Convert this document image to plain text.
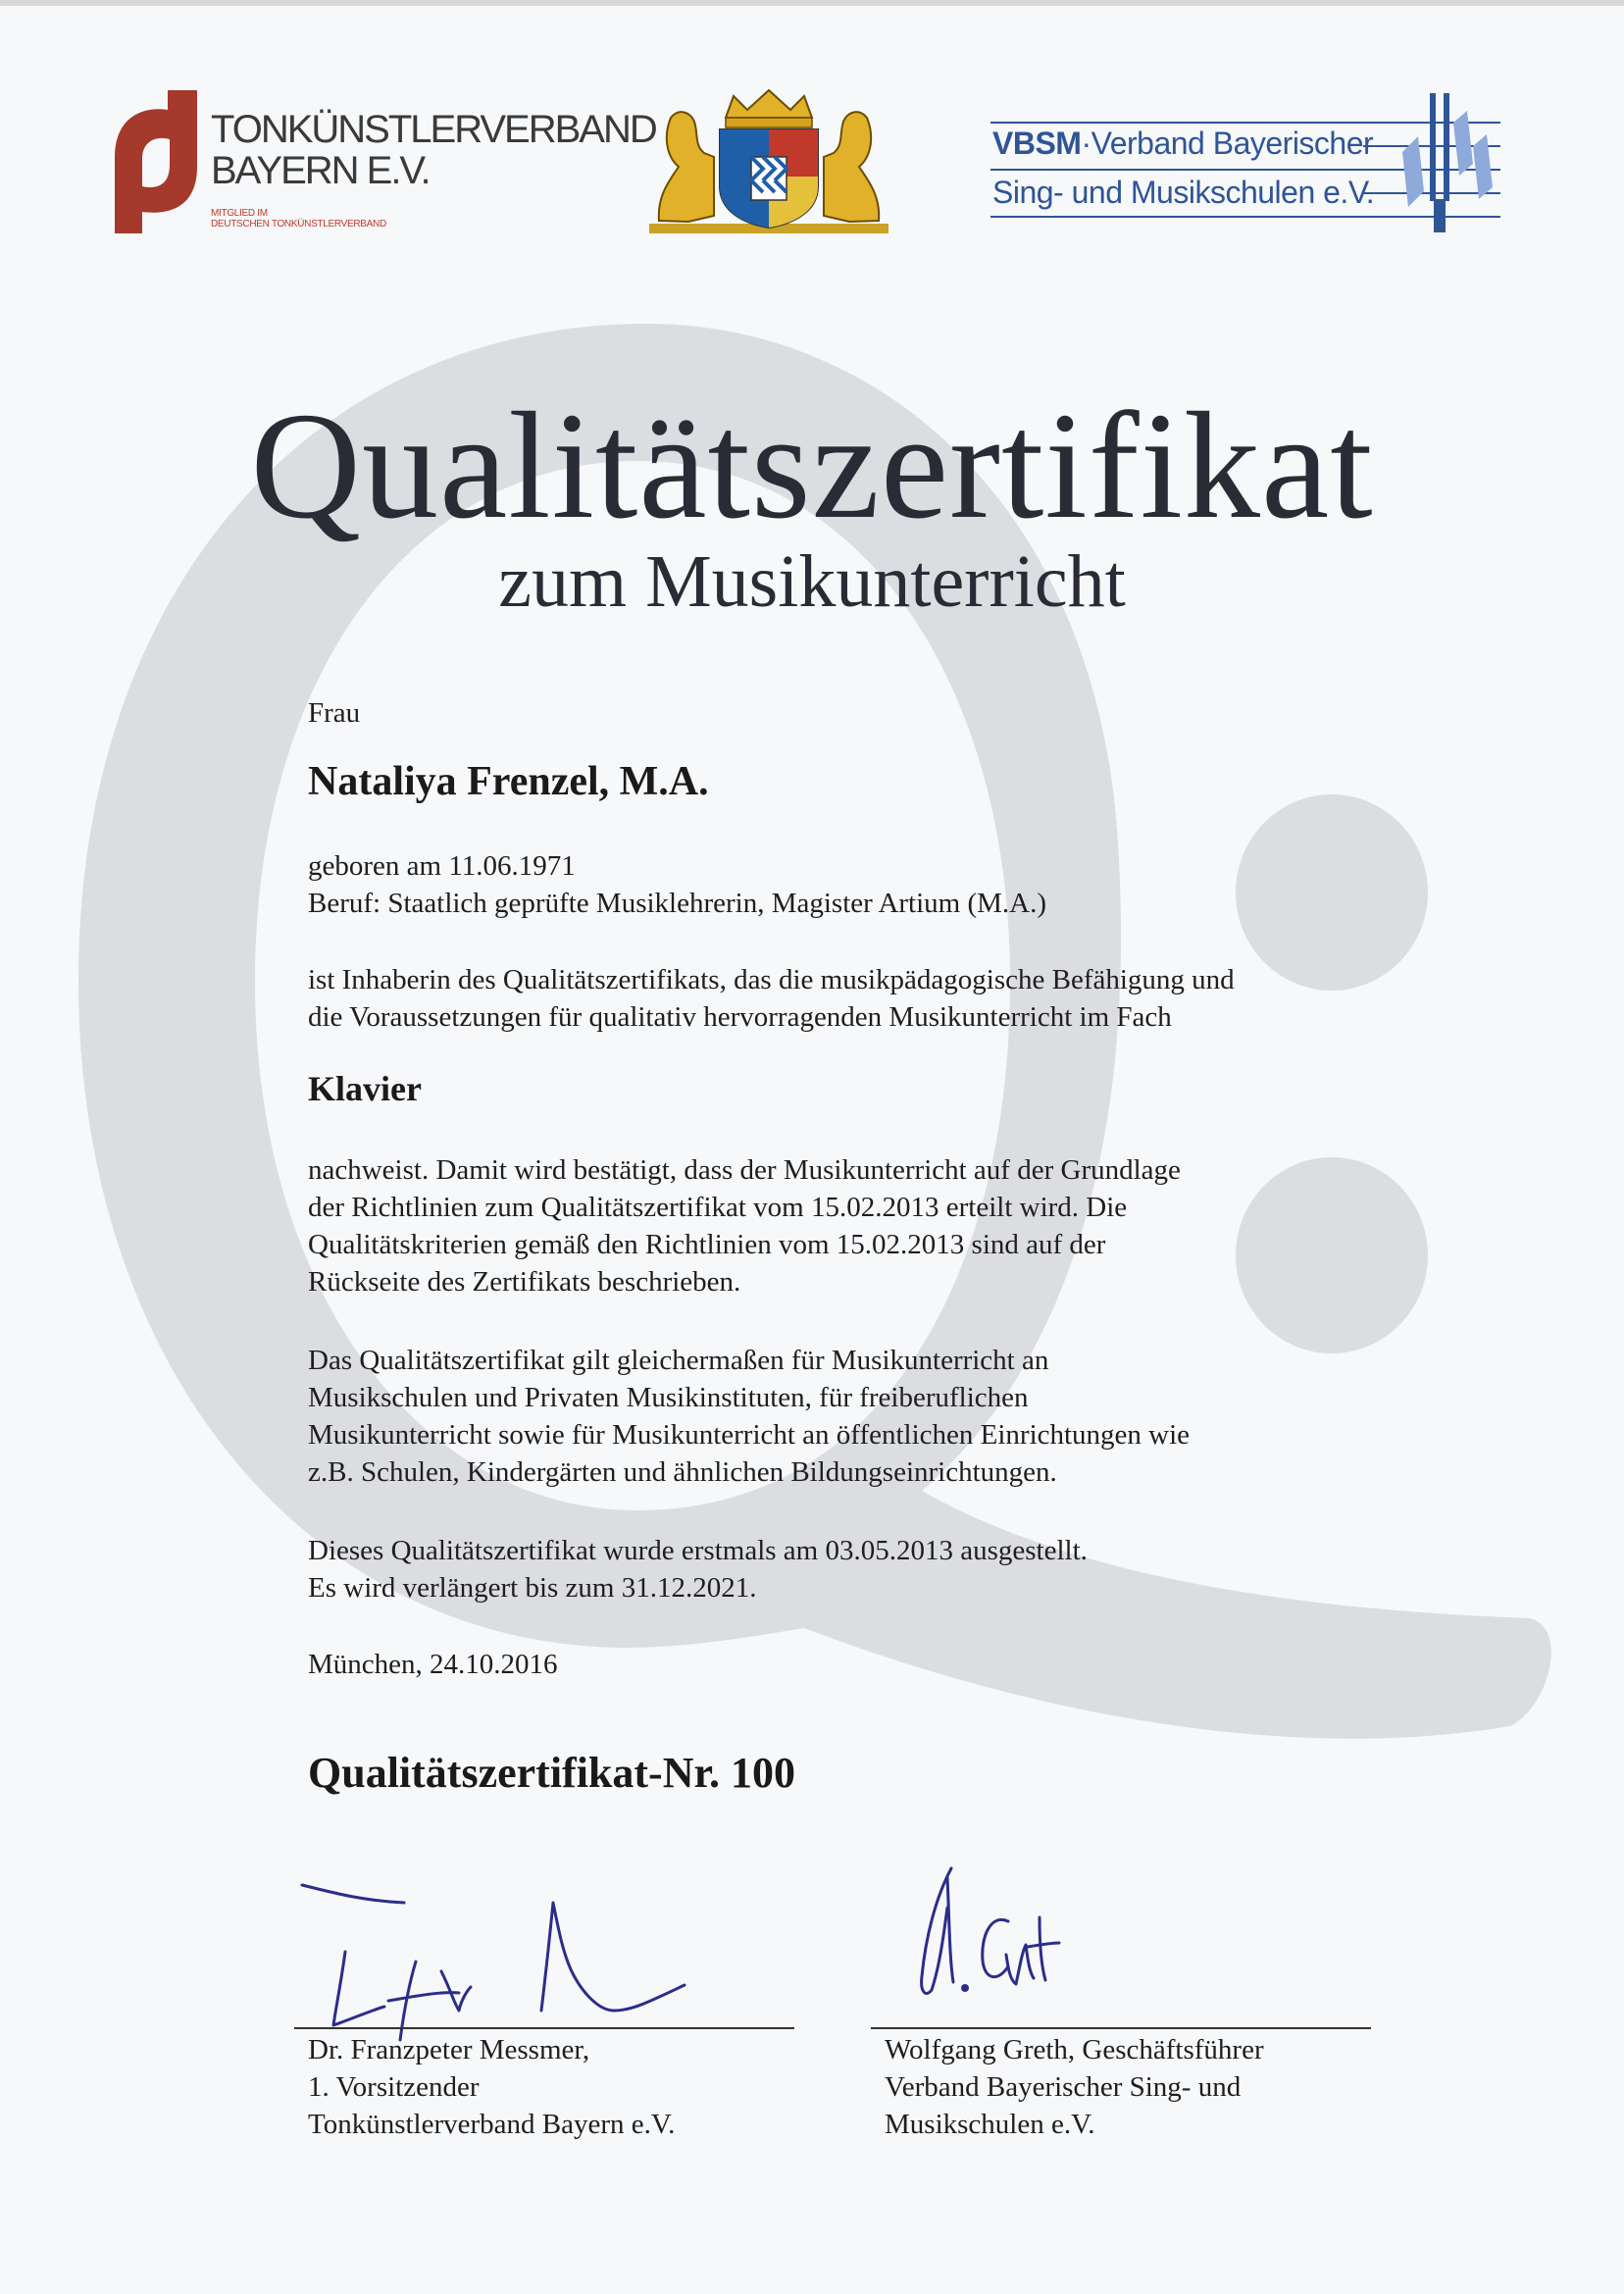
TONKÜNSTLERVERBAND
BAYERN E.V.
MITGLIED IM
DEUTSCHEN TONKÜNSTLERVERBAND
VBSM·Verband Bayerischer
Sing- und Musikschulen e.V.
Qualitätszertifikat
zum Musikunterricht
Frau
Nataliya Frenzel, M.A.
geboren am 11.06.1971
Beruf: Staatlich geprüfte Musiklehrerin, Magister Artium (M.A.)
ist Inhaberin des Qualitätszertifikats, das die musikpädagogische Befähigung und
die Voraussetzungen für qualitativ hervorragenden Musikunterricht im Fach
Klavier
nachweist. Damit wird bestätigt, dass der Musikunterricht auf der Grundlage
der Richtlinien zum Qualitätszertifikat vom 15.02.2013 erteilt wird. Die
Qualitätskriterien gemäß den Richtlinien vom 15.02.2013 sind auf der
Rückseite des Zertifikats beschrieben.
Das Qualitätszertifikat gilt gleichermaßen für Musikunterricht an
Musikschulen und Privaten Musikinstituten, für freiberuflichen
Musikunterricht sowie für Musikunterricht an öffentlichen Einrichtungen wie
z.B. Schulen, Kindergärten und ähnlichen Bildungseinrichtungen.
Dieses Qualitätszertifikat wurde erstmals am 03.05.2013 ausgestellt.
Es wird verlängert bis zum 31.12.2021.
München, 24.10.2016
Qualitätszertifikat-Nr. 100
Dr. Franzpeter Messmer,
1. Vorsitzender
Tonkünstlerverband Bayern e.V.
Wolfgang Greth, Geschäftsführer
Verband Bayerischer Sing- und
Musikschulen e.V.
